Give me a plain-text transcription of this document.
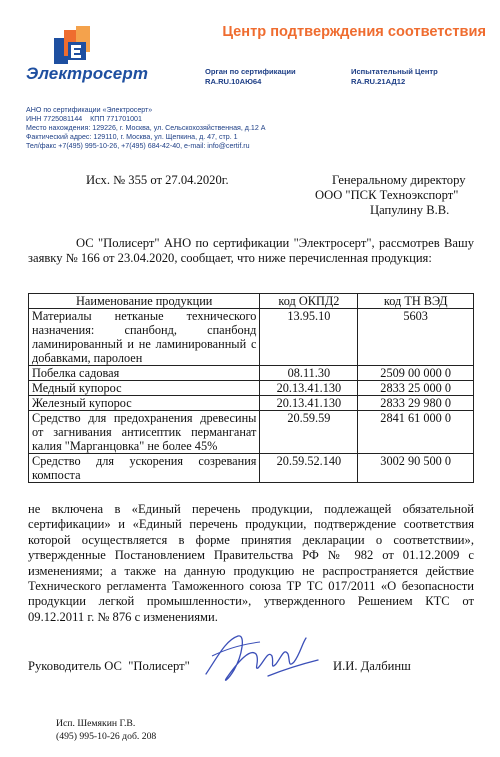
Электросерт
Центр подтверждения соответствия
Орган по сертификации
RA.RU.10АЮ64
Испытательный Центр
RA.RU.21АД12
АНО по сертификации «Электросерт»
ИНН 7725081144    КПП 771701001
Место нахождения: 129226, г. Москва, ул. Сельскохозяйственная, д.12 А
Фактический адрес: 129110, г. Москва, ул. Щепкина, д. 47, стр. 1
Тел/факс +7(495) 995-10-26, +7(495) 684-42-40, e-mail: info@certif.ru
Исх. № 355 от 27.04.2020г.	Генеральному директору
ООО "ПСК Техноэкспорт"
Цапулину В.В.
ОС "Полисерт" АНО по сертификации "Электросерт", рассмотрев Вашу заявку № 166 от 23.04.2020, сообщает, что ниже перечисленная продукция:
Наименование продукции	код ОКПД2	код ТН ВЭД
Материалы нетканые технического назначения: спанбонд, спанбонд ламинированный и не ламинированный с добавками, паролоен	13.95.10	5603
Побелка садовая	08.11.30	2509 00 000 0
Медный купорос	20.13.41.130	2833 25 000 0
Железный купорос	20.13.41.130	2833 29 980 0
Средство для предохранения древесины от загнивания антисептик перманганат калия "Марганцовка" не более 45%	20.59.59	2841 61 000 0
Средство для ускорения созревания компоста	20.59.52.140	3002 90 500 0
не включена в «Единый перечень продукции, подлежащей обязательной сертификации» и «Единый перечень продукции, подтверждение соответствия которой осуществляется в форме принятия декларации о соответствии», утвержденные Постановлением Правительства РФ № 982 от 01.12.2009 с изменениями; а также на данную продукцию не распространяется действие Технического регламента Таможенного союза ТР ТС 017/2011 «О безопасности продукции легкой промышленности», утвержденного Решением КТС от 09.12.2011 г. № 876 с изменениями.
Руководитель ОС  "Полисерт"	И.И. Далбинш
Исп. Шемякин Г.В.
(495) 995-10-26 доб. 208
